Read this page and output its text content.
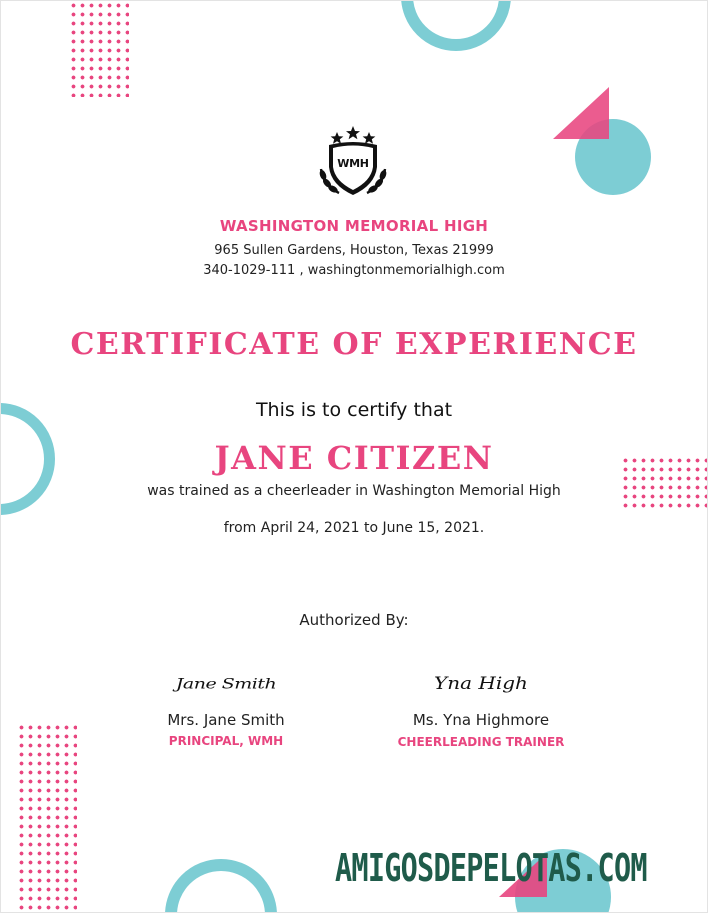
WMH
WASHINGTON MEMORIAL HIGH
965 Sullen Gardens, Houston, Texas 21999
340-1029-111 , washingtonmemorialhigh.com
CERTIFICATE OF EXPERIENCE
This is to certify that
JANE CITIZEN
was trained as a cheerleader in Washington Memorial High
from April 24, 2021 to June 15, 2021.
Authorized By:
Jane Smith
Mrs. Jane Smith
PRINCIPAL, WMH
Yna High
Ms. Yna Highmore
CHEERLEADING TRAINER
AMIGOSDEPELOTAS.COM
